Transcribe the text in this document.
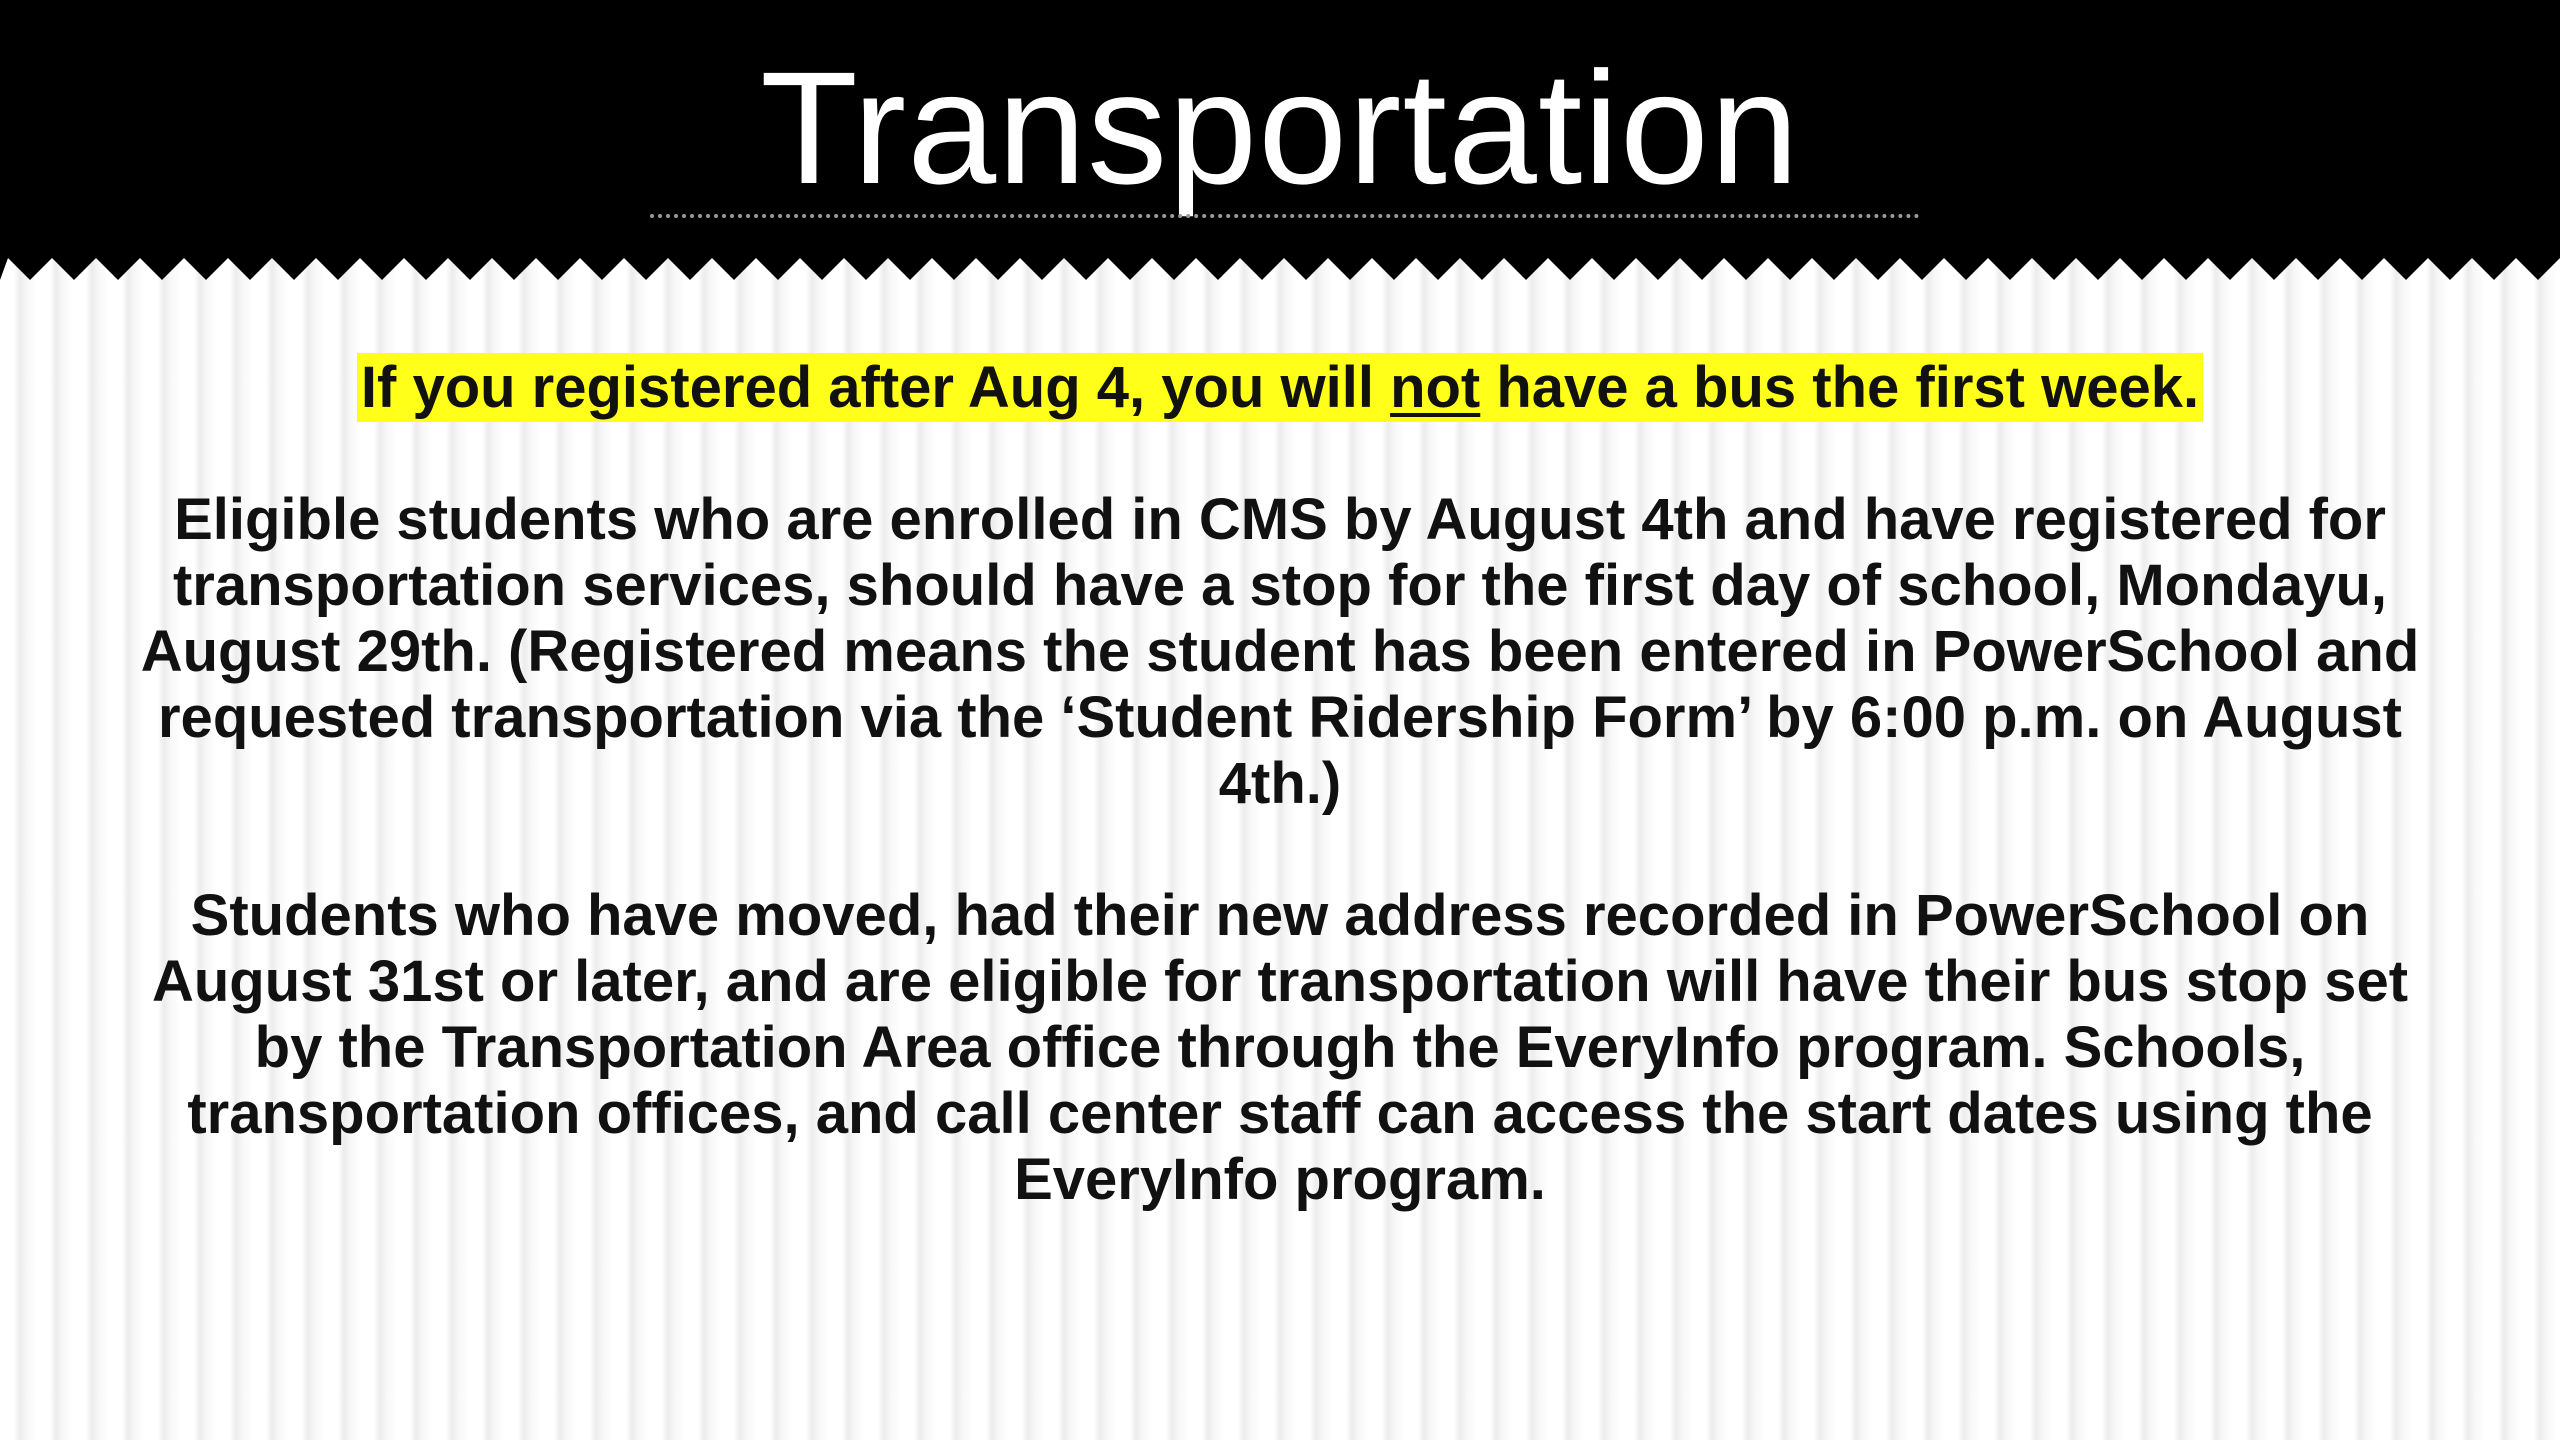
Transportation

If you registered after Aug 4, you will not have a bus the first week.

Eligible students who are enrolled in CMS by August 4th and have registered for transportation services, should have a stop for the first day of school, Mondayu, August 29th. (Registered means the student has been entered in PowerSchool and requested transportation via the ‘Student Ridership Form’ by 6:00 p.m. on August 4th.)

Students who have moved, had their new address recorded in PowerSchool on August 31st or later, and are eligible for transportation will have their bus stop set by the Transportation Area office through the EveryInfo program. Schools, transportation offices, and call center staff can access the start dates using the EveryInfo program.
